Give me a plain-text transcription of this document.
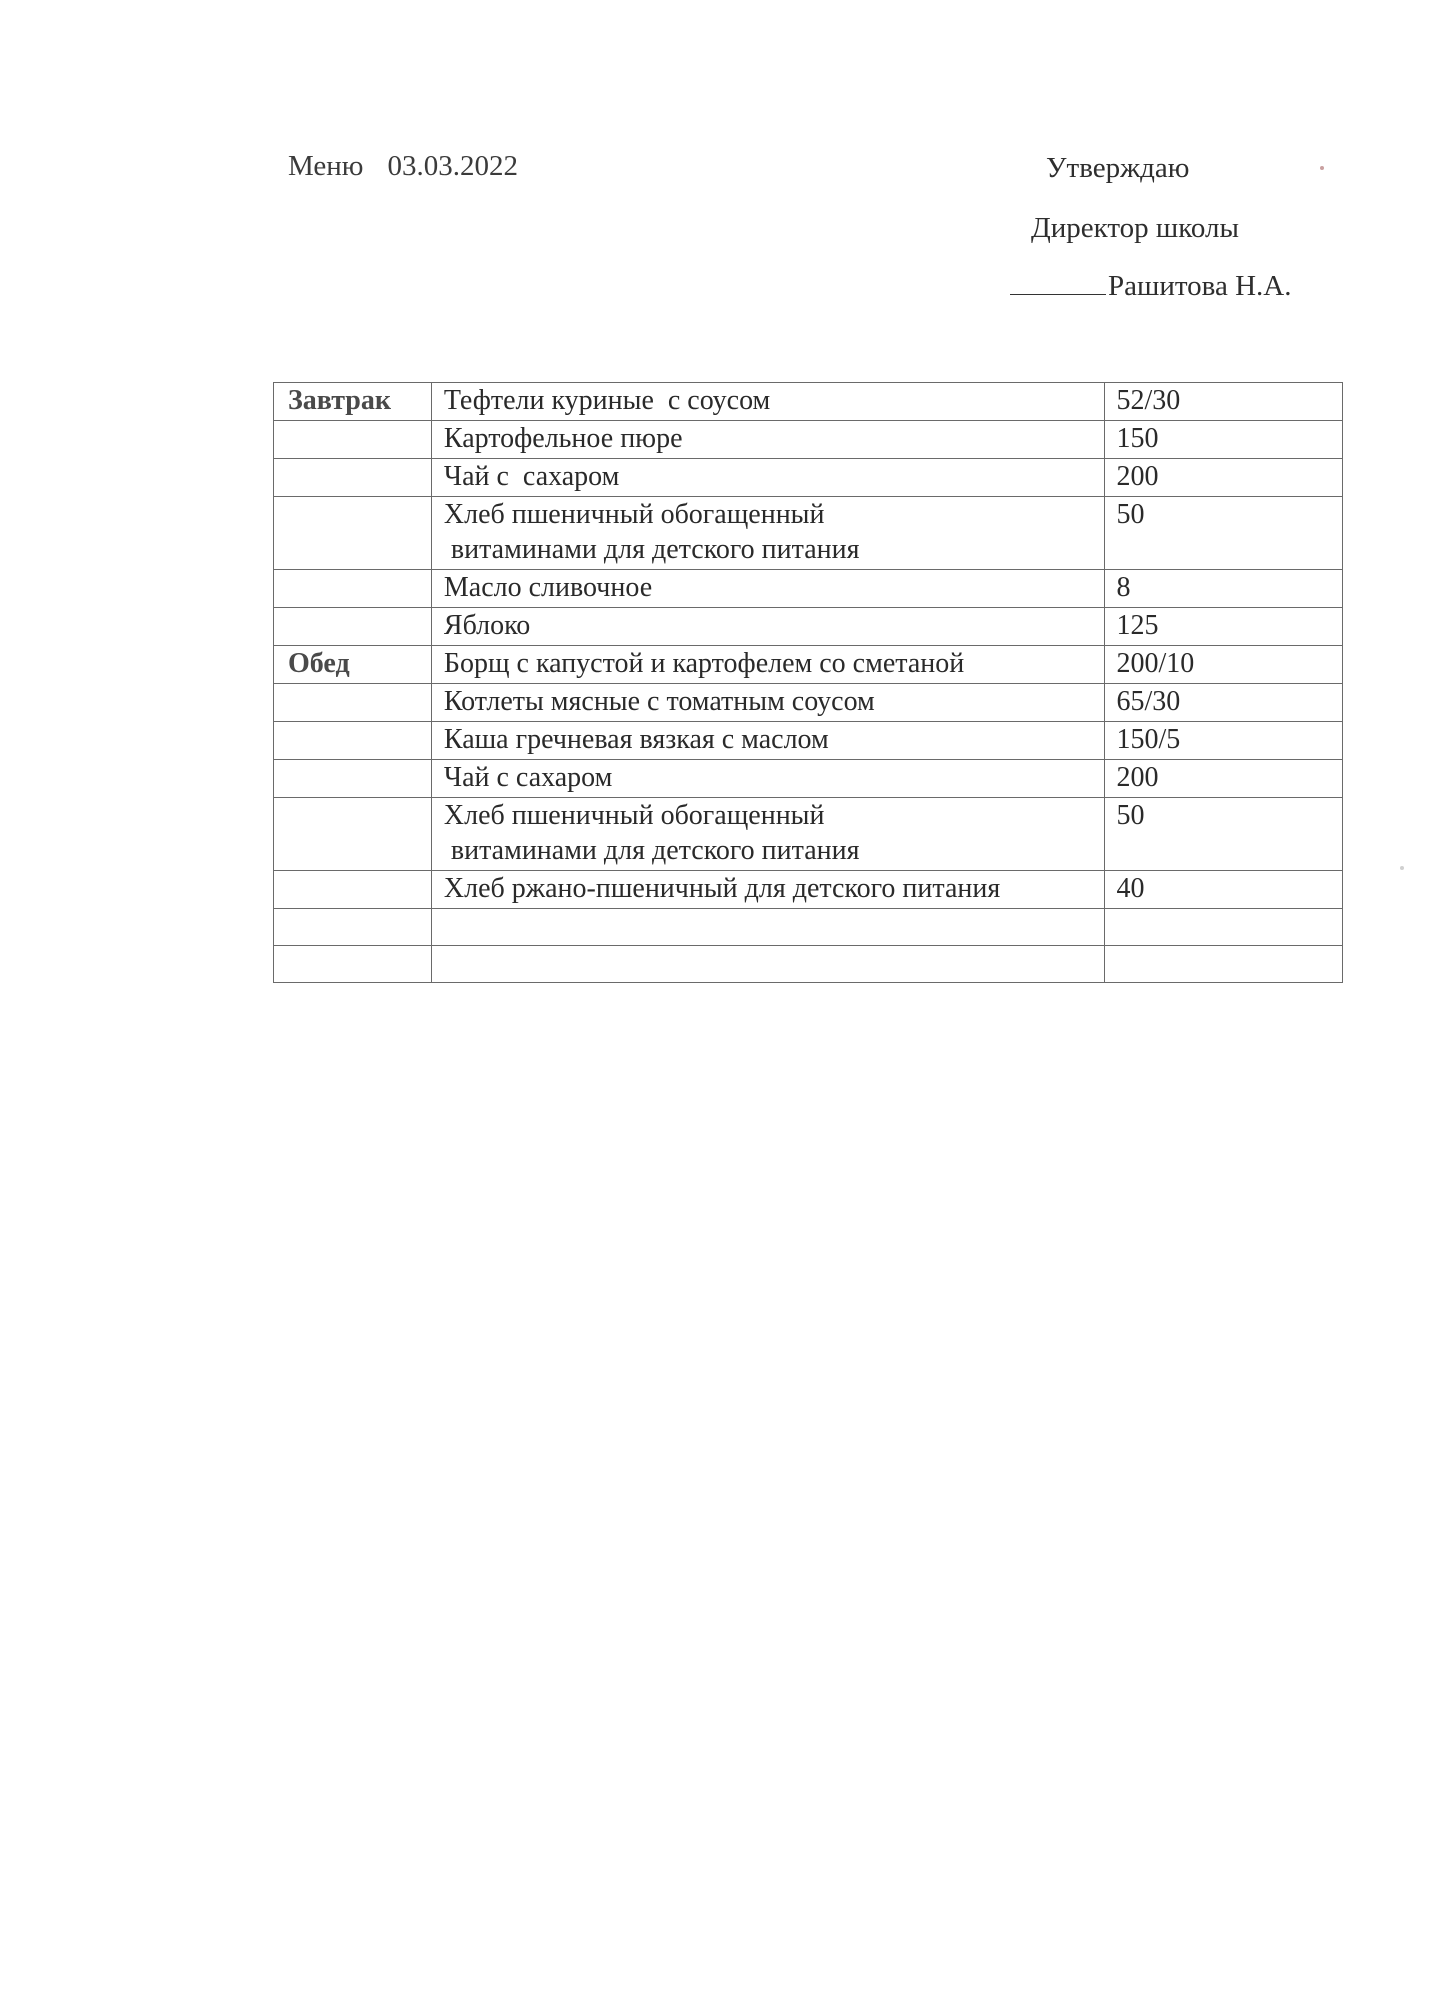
Меню 03.03.2022	Утверждаю
Директор школы
Рашитова Н.А.
Завтрак	Тефтели куриные  с соусом	52/30

	Картофельное пюре	150

	Чай с  сахаром	200

	Хлеб пшеничный обогащенный
витаминами для детского питания	50

	Масло сливочное	8

	Яблоко	125
Обед	Борщ с капустой и картофелем со сметаной	200/10

	Котлеты мясные с томатным соусом	65/30

	Каша гречневая вязкая с маслом	150/5

	Чай с сахаром	200

	Хлеб пшеничный обогащенный
витаминами для детского питания	50

	Хлеб ржано-пшеничный для детского питания	40
